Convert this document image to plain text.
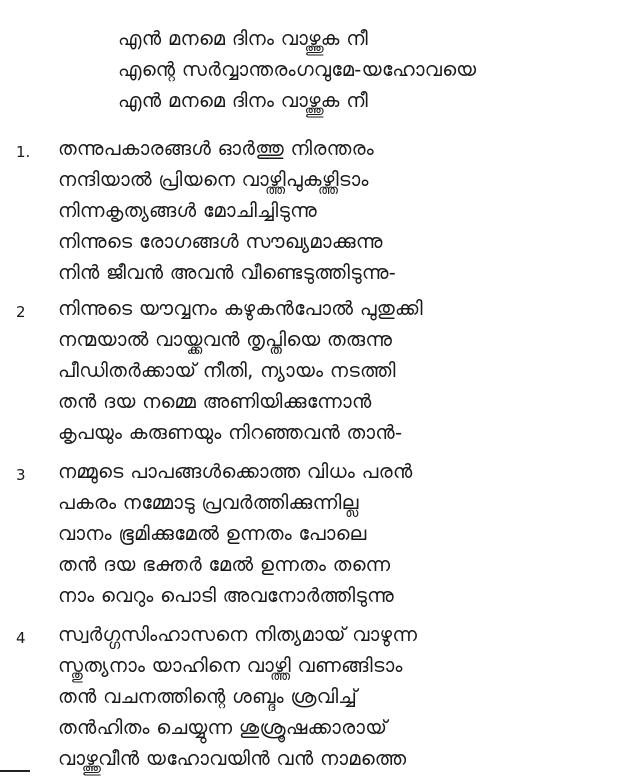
എൻ മനമെ ദിനം വാഴ്ത്തുക നീ
എന്റെ സർവ്വാന്തരംഗവുമേ-യഹോവയെ
എൻ മനമെ ദിനം വാഴ്ത്തുക നീ
1. തന്നുപകാരങ്ങൾ ഓർത്തു നിരന്തരം
നന്ദിയാൽ പ്രിയനെ വാഴ്ത്തിപുകഴ്ത്തിടാം
നിന്നകൃത്യങ്ങൾ മോചിച്ചിടുന്നു
നിന്നുടെ രോഗങ്ങൾ സൗഖ്യമാക്കുന്നു
നിൻ ജീവൻ അവൻ വീണ്ടെടുത്തിടുന്നു-
2 നിന്നുടെ യൗവ്വനം കഴുകൻപോൽ പുതുക്കി
നന്മയാൽ വായ്ക്കവൻ തൃപ്തിയെ തരുന്നു
പീഡിതർക്കായ് നീതി, ന്യായം നടത്തി
തൻ ദയ നമ്മെ അണിയിക്കുന്നോൻ
കൃപയും കരുണയും നിറഞ്ഞവൻ താൻ-
3 നമ്മുടെ പാപങ്ങൾക്കൊത്ത വിധം പരൻ
പകരം നമ്മോടു പ്രവർത്തിക്കുന്നില്ല
വാനം ഭൂമിക്കുമേൽ ഉന്നതം പോലെ
തൻ ദയ ഭക്തർ മേൽ ഉന്നതം തന്നെ
നാം വെറും പൊടി അവനോർത്തിടുന്നു
4 സ്വർഗ്ഗസിംഹാസനെ നിത്യമായ് വാഴുന്ന
സ്തുത്യനാം യാഹിനെ വാഴ്ത്തി വണങ്ങിടാം
തൻ വചനത്തിന്റെ ശബ്ദം ശ്രവിച്ച്
തൻഹിതം ചെയ്യുന്ന ശുശ്രൂഷക്കാരായ്
വാഴ്ത്തുവീൻ യഹോവയിൻ വൻ നാമത്തെ
